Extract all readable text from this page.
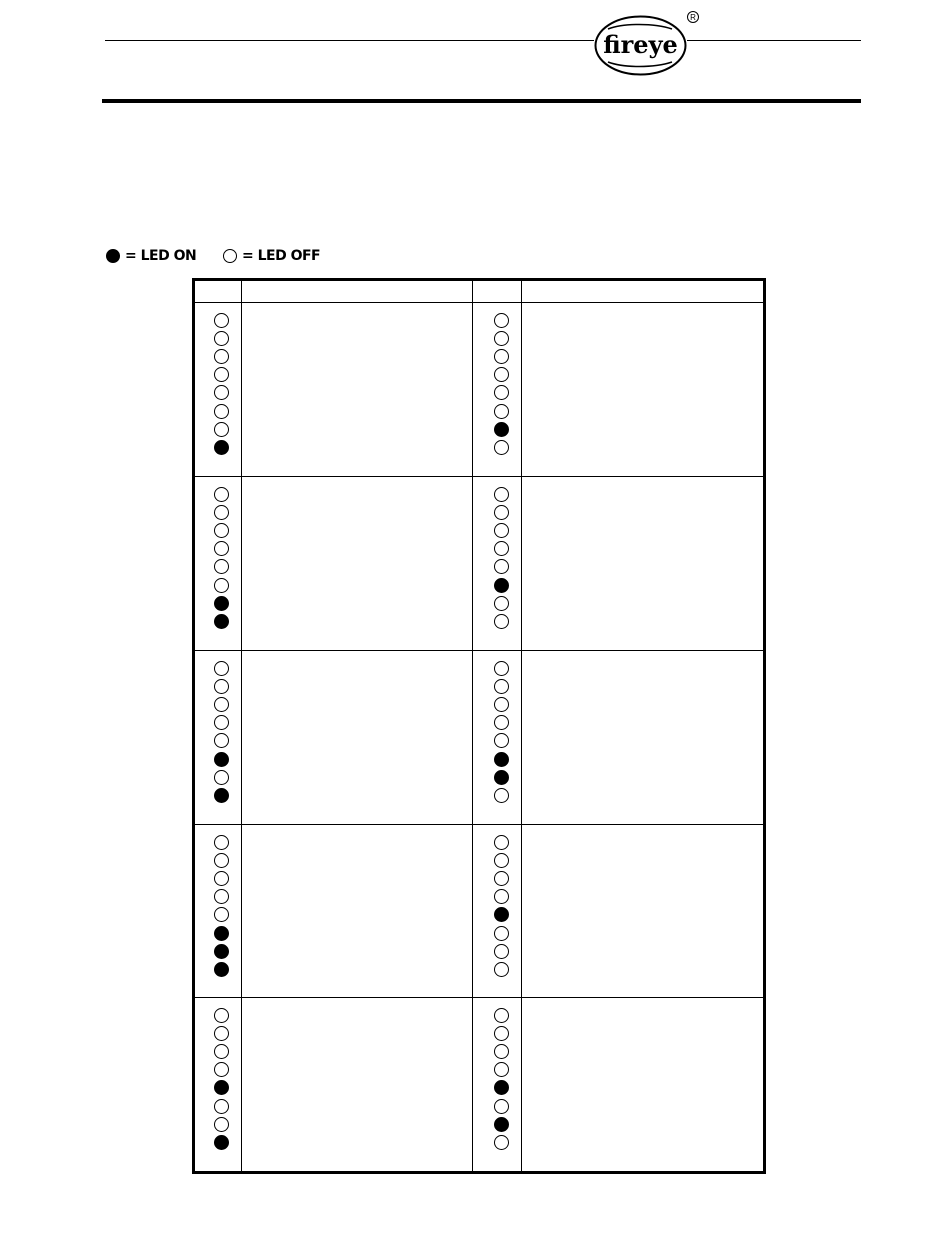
fireye
R
= LED ON	= LED OFF
